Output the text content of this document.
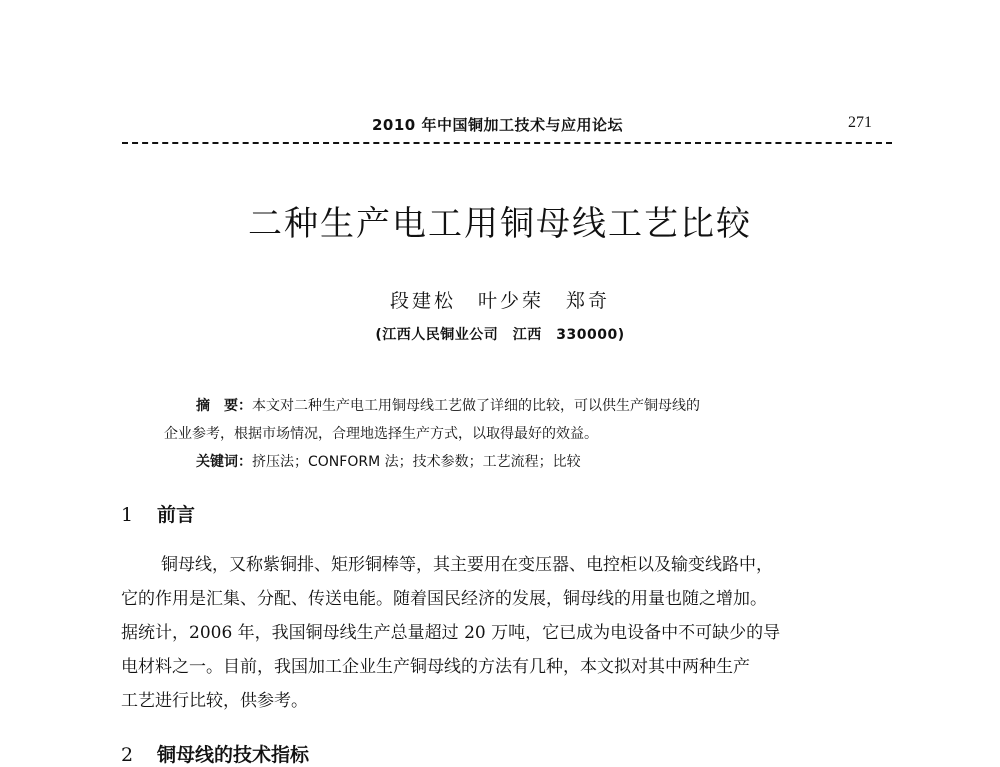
2010 年中国铜加工技术与应用论坛	271
二种生产电工用铜母线工艺比较
段建松　叶少荣　郑奇
(江西人民铜业公司　江西　330000)
摘　要：本文对二种生产电工用铜母线工艺做了详细的比较，可以供生产铜母线的
企业参考，根据市场情况，合理地选择生产方式，以取得最好的效益。
关键词：挤压法；CONFORM 法；技术参数；工艺流程；比较
1 前言
铜母线，又称紫铜排、矩形铜棒等，其主要用在变压器、电控柜以及输变线路中，
它的作用是汇集、分配、传送电能。随着国民经济的发展，铜母线的用量也随之增加。
据统计，2006 年，我国铜母线生产总量超过 20 万吨，它已成为电设备中不可缺少的导
电材料之一。目前，我国加工企业生产铜母线的方法有几种，本文拟对其中两种生产
工艺进行比较，供参考。
2 铜母线的技术指标
